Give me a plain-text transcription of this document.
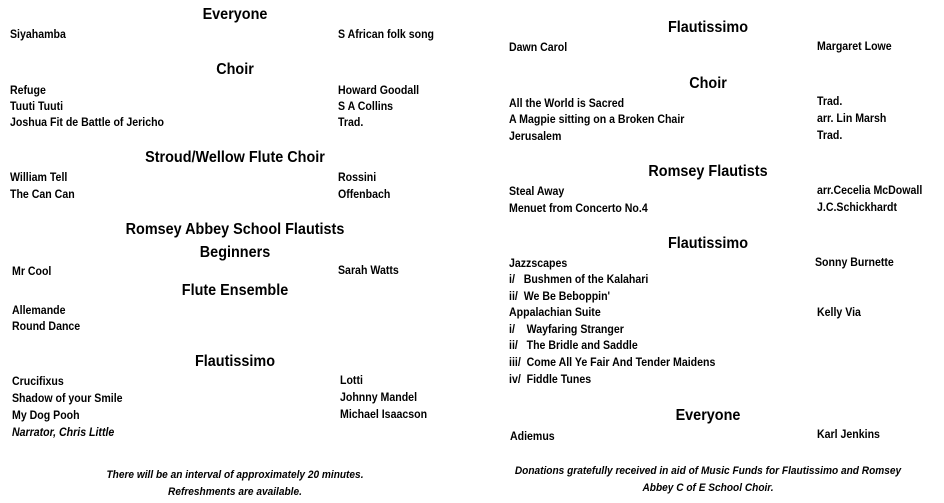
Everyone
Siyahamba	S African folk song
Choir
Refuge	Howard Goodall
Tuuti Tuuti	S A Collins
Joshua Fit de Battle of Jericho	Trad.
Stroud/Wellow Flute Choir
William Tell	Rossini
The Can Can	Offenbach
Romsey Abbey School Flautists
Beginners
Mr Cool	Sarah Watts
Flute Ensemble
Allemande
Round Dance
Flautissimo
Crucifixus	Lotti
Shadow of your Smile	Johnny Mandel
My Dog Pooh	Michael Isaacson
Narrator, Chris Little
There will be an interval of approximately 20 minutes.
Refreshments are available.
Flautissimo
Dawn Carol	Margaret Lowe
Choir
All the World is Sacred	Trad.
A Magpie sitting on a Broken Chair	arr. Lin Marsh
Jerusalem	Trad.
Romsey Flautists
Steal Away	arr.Cecelia McDowall
Menuet from Concerto No.4	J.C.Schickhardt
Flautissimo
Jazzscapes	Sonny Burnette
i/   Bushmen of the Kalahari
ii/  We Be Beboppin'
Appalachian Suite	Kelly Via
i/    Wayfaring Stranger
ii/   The Bridle and Saddle
iii/  Come All Ye Fair And Tender Maidens
iv/  Fiddle Tunes
Everyone
Adiemus	Karl Jenkins
Donations gratefully received in aid of Music Funds for Flautissimo and Romsey
Abbey C of E School Choir.
